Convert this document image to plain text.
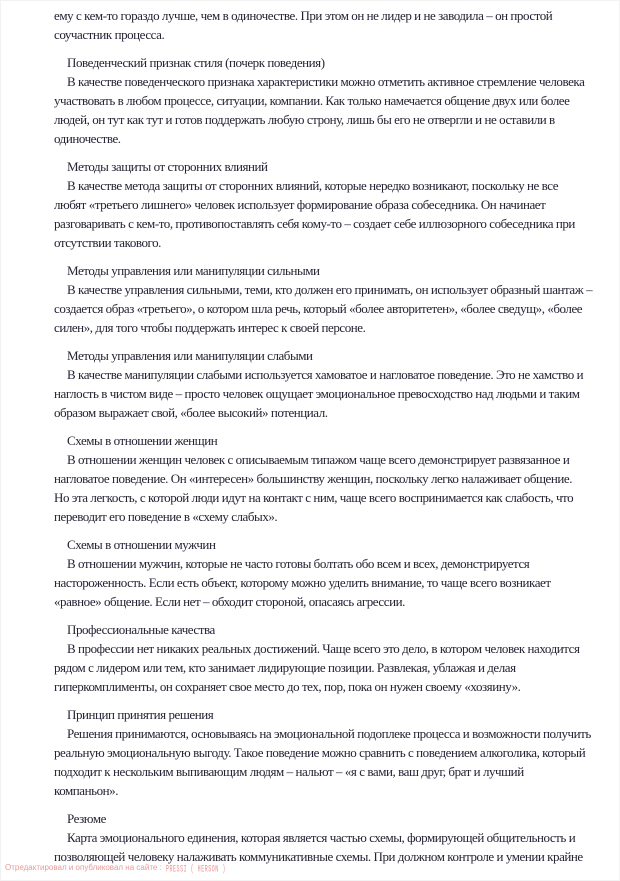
ему с кем-то гораздо лучше, чем в одиночестве. При этом он не лидер и не заводила – он простой
соучастник процесса.
Поведенческий признак стиля (почерк поведения)
В качестве поведенческого признака характеристики можно отметить активное стремление человека
участвовать в любом процессе, ситуации, компании. Как только намечается общение двух или более
людей, он тут как тут и готов поддержать любую строну, лишь бы его не отвергли и не оставили в
одиночестве.
Методы защиты от сторонних влияний
В качестве метода защиты от сторонних влияний, которые нередко возникают, поскольку не все
любят «третьего лишнего» человек использует формирование образа собеседника. Он начинает
разговаривать с кем-то, противопоставлять себя кому-то – создает себе иллюзорного собеседника при
отсутствии такового.
Методы управления или манипуляции сильными
В качестве управления сильными, теми, кто должен его принимать, он использует образный шантаж –
создается образ «третьего», о котором шла речь, который «более авторитетен», «более сведущ», «более
силен», для того чтобы поддержать интерес к своей персоне.
Методы управления или манипуляции слабыми
В качестве манипуляции слабыми используется хамоватое и нагловатое поведение. Это не хамство и
наглость в чистом виде – просто человек ощущает эмоциональное превосходство над людьми и таким
образом выражает свой, «более высокий» потенциал.
Схемы в отношении женщин
В отношении женщин человек с описываемым типажом чаще всего демонстрирует развязанное и
нагловатое поведение. Он «интересен» большинству женщин, поскольку легко налаживает общение.
Но эта легкость, с которой люди идут на контакт с ним, чаще всего воспринимается как слабость, что
переводит его поведение в «схему слабых».
Схемы в отношении мужчин
В отношении мужчин, которые не часто готовы болтать обо всем и всех, демонстрируется
настороженность. Если есть объект, которому можно уделить внимание, то чаще всего возникает
«равное» общение. Если нет – обходит стороной, опасаясь агрессии.
Профессиональные качества
В профессии нет никаких реальных достижений. Чаще всего это дело, в котором человек находится
рядом с лидером или тем, кто занимает лидирующие позиции. Развлекая, ублажая и делая
гиперкомплименты, он сохраняет свое место до тех, пор, пока он нужен своему «хозяину».
Принцип принятия решения
Решения принимаются, основываясь на эмоциональной подоплеке процесса и возможности получить
реальную эмоциональную выгоду. Такое поведение можно сравнить с поведением алкоголика, который
подходит к нескольким выпивающим людям – нальют – «я с вами, ваш друг, брат и лучший
компаньон».
Резюме
Карта эмоционального единения, которая является частью схемы, формирующей общительность и
позволяющей человеку налаживать коммуникативные схемы. При должном контроле и умении крайне
Отредактировал и опубликовал на сайте : PRESSI ( HERSON )
